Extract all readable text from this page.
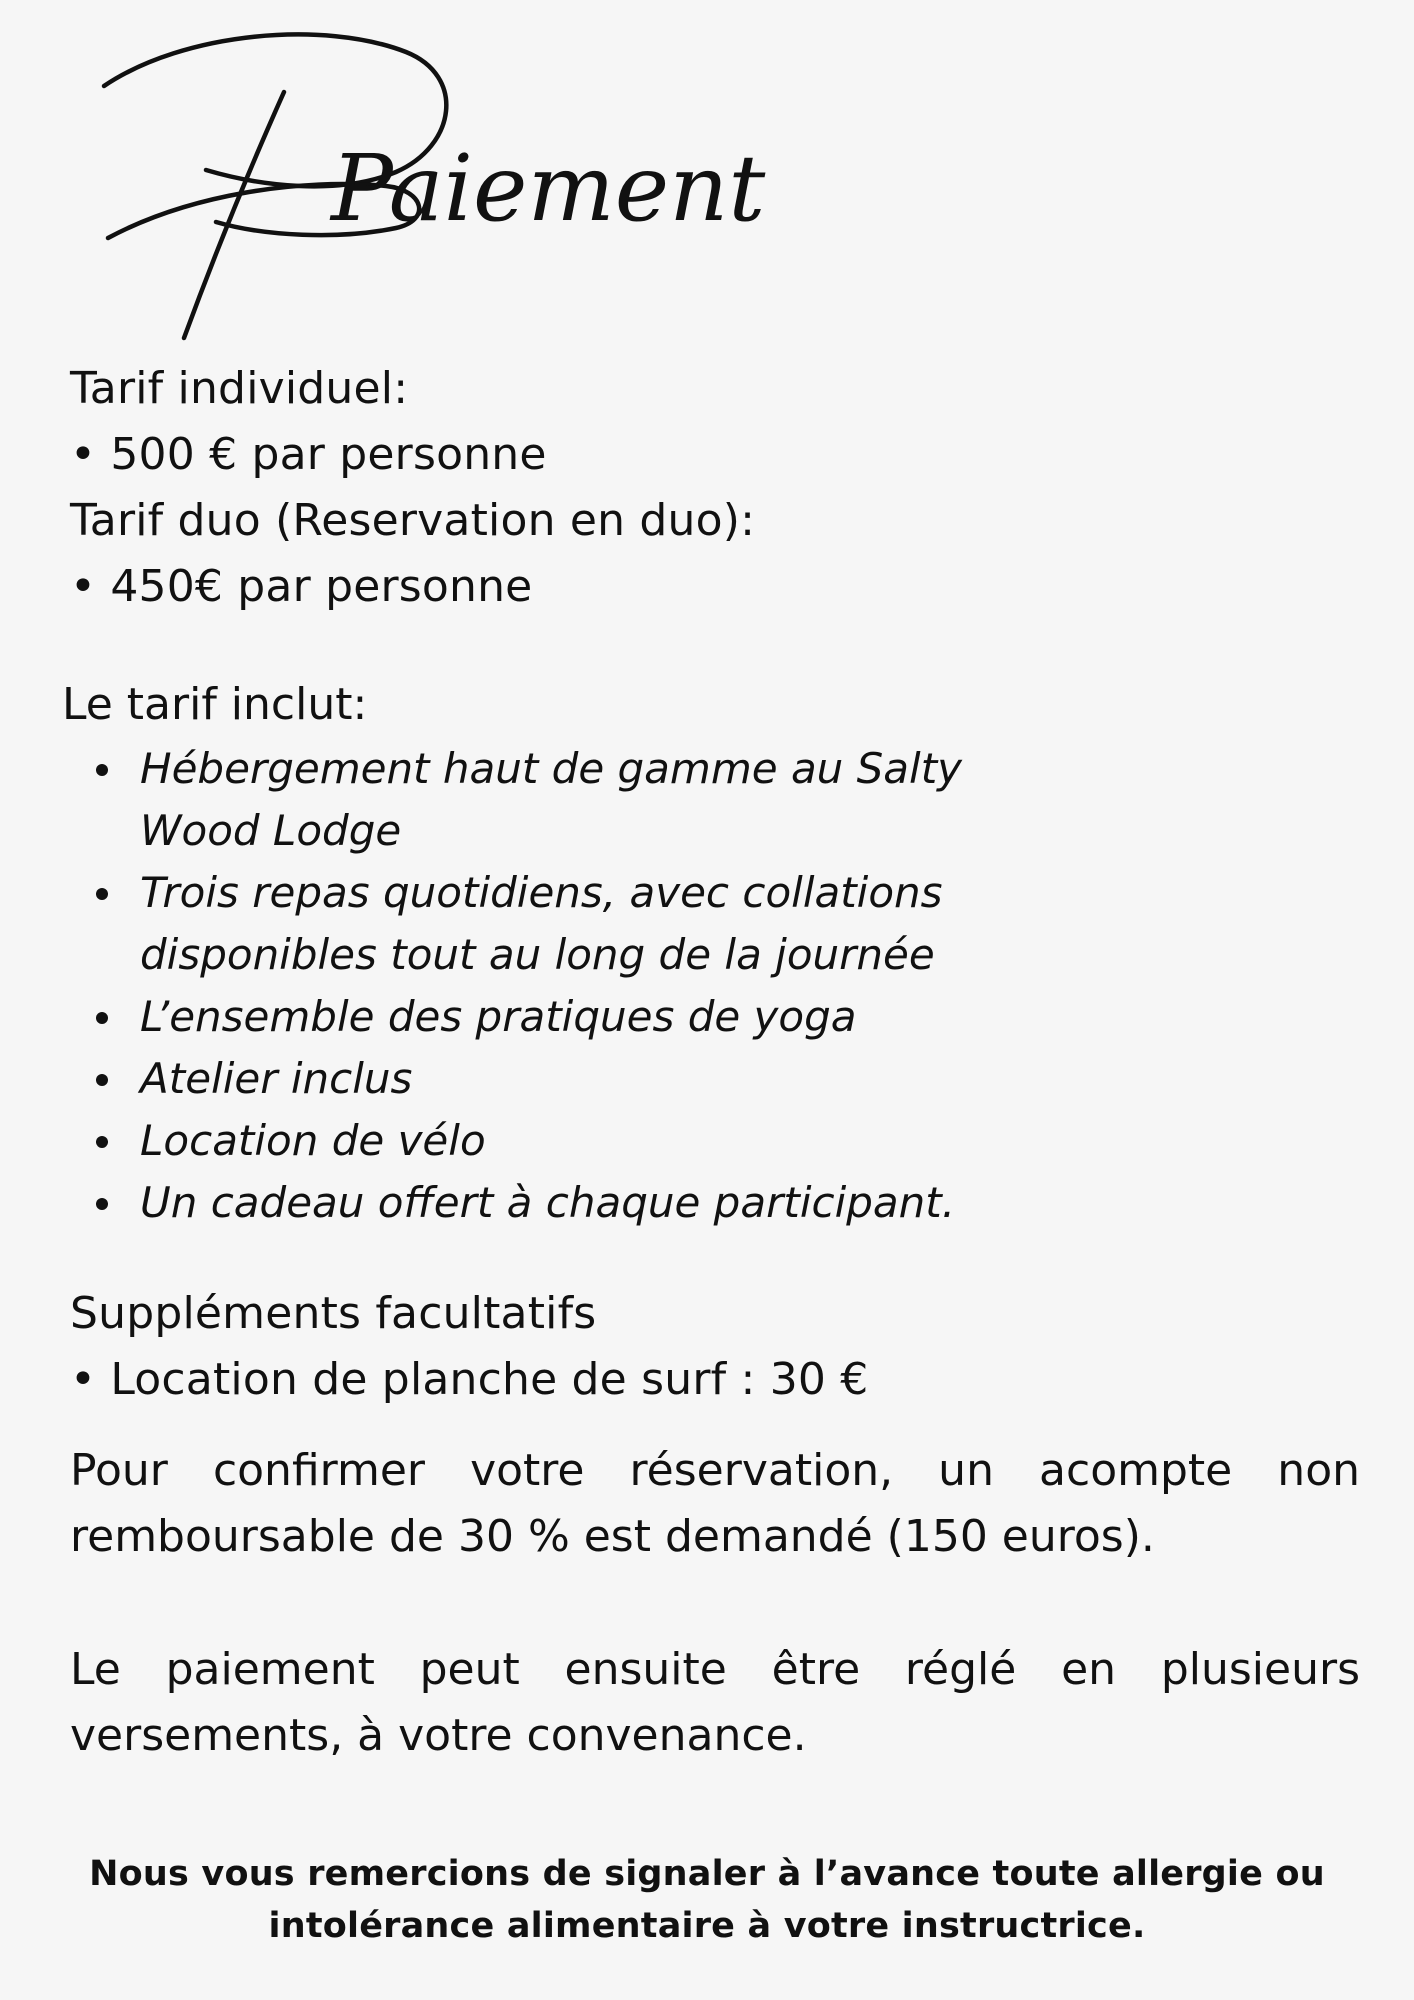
Paiement
Tarif individuel:
• 500 € par personne
Tarif duo (Reservation en duo):
• 450€ par personne
Le tarif inclut:
Hébergement haut de gamme au Salty
Wood Lodge
Trois repas quotidiens, avec collations
disponibles tout au long de la journée
L’ensemble des pratiques de yoga
Atelier inclus
Location de vélo
Un cadeau offert à chaque participant.
Suppléments facultatifs
• Location de planche de surf : 30 €
Pour confirmer votre réservation, un acompte non remboursable de 30 % est demandé (150 euros).
Le paiement peut ensuite être réglé en plusieurs versements, à votre convenance.
Nous vous remercions de signaler à l’avance toute allergie ou
intolérance alimentaire à votre instructrice.
